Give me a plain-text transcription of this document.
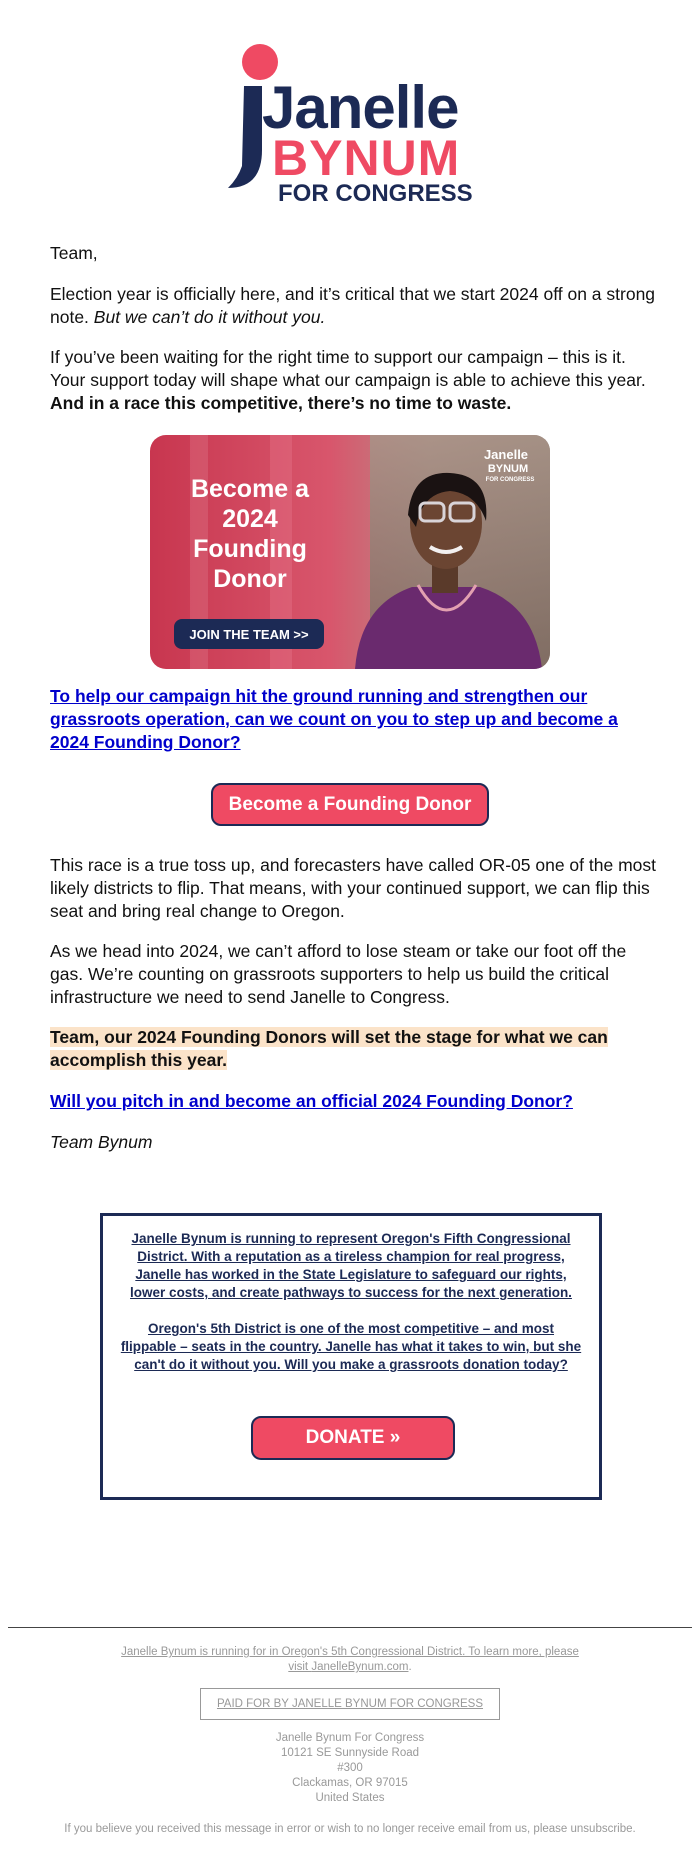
Janelle
BYNUM
FOR CONGRESS

Team,

Election year is officially here, and it’s critical that we start 2024 off on a strong note. But we can’t do it without you.

If you’ve been waiting for the right time to support our campaign – this is it. Your support today will shape what our campaign is able to achieve this year. And in a race this competitive, there’s no time to waste.

Become a
2024
Founding
Donor
JOIN THE TEAM >>
Janelle
BYNUM
FOR CONGRESS

To help our campaign hit the ground running and strengthen our grassroots operation, can we count on you to step up and become a 2024 Founding Donor?

Become a Founding Donor

This race is a true toss up, and forecasters have called OR-05 one of the most likely districts to flip. That means, with your continued support, we can flip this seat and bring real change to Oregon.

As we head into 2024, we can’t afford to lose steam or take our foot off the gas. We’re counting on grassroots supporters to help us build the critical infrastructure we need to send Janelle to Congress.

Team, our 2024 Founding Donors will set the stage for what we can accomplish this year.

Will you pitch in and become an official 2024 Founding Donor?

Team Bynum

Janelle Bynum is running to represent Oregon's Fifth Congressional District. With a reputation as a tireless champion for real progress, Janelle has worked in the State Legislature to safeguard our rights, lower costs, and create pathways to success for the next generation.

Oregon's 5th District is one of the most competitive – and most flippable – seats in the country. Janelle has what it takes to win, but she can't do it without you. Will you make a grassroots donation today?

DONATE »
Janelle Bynum is running for in Oregon's 5th Congressional District. To learn more, please
visit JanelleBynum.com.
PAID FOR BY JANELLE BYNUM FOR CONGRESS
Janelle Bynum For Congress
10121 SE Sunnyside Road
#300
Clackamas, OR 97015
United States
If you believe you received this message in error or wish to no longer receive email from us, please unsubscribe.
